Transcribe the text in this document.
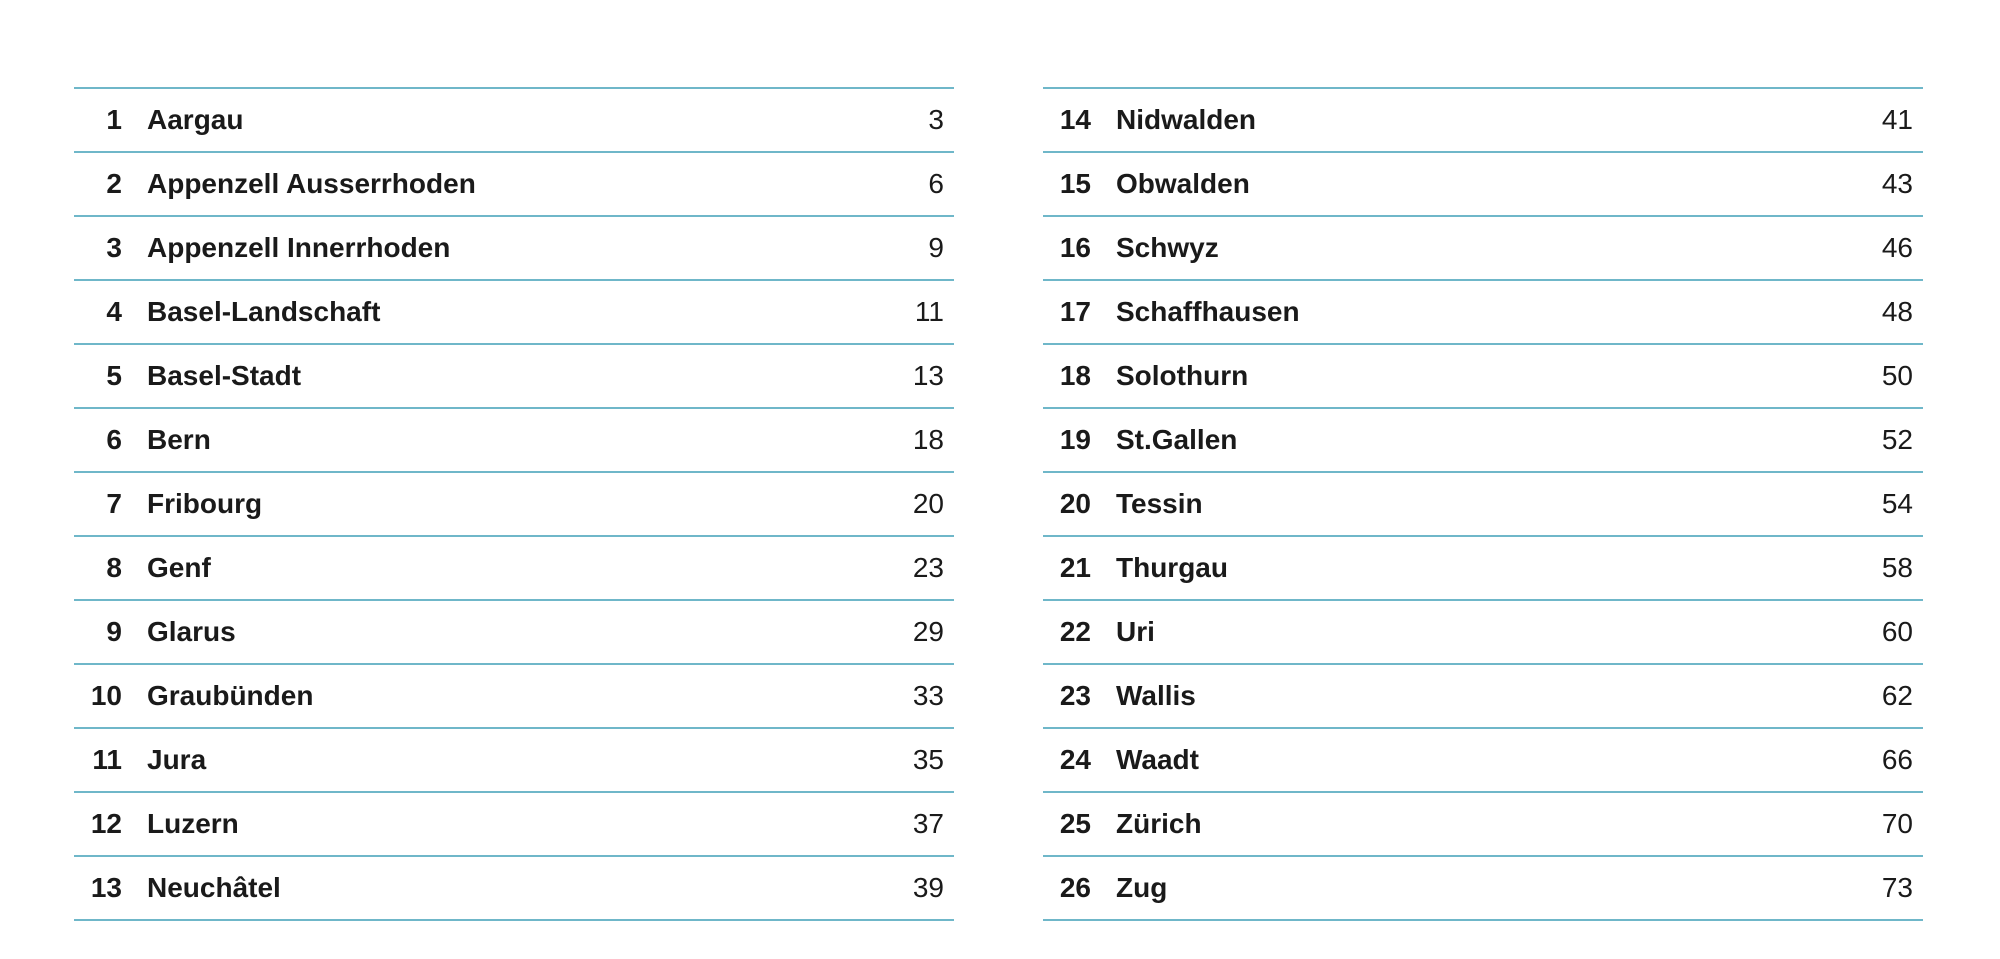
1 Aargau	3
2 Appenzell Ausserrhoden	6
3 Appenzell Innerrhoden	9
4 Basel-Landschaft	11
5 Basel-Stadt	13
6 Bern	18
7 Fribourg	20
8 Genf	23
9 Glarus	29
10 Graubünden	33
11 Jura	35
12 Luzern	37
13 Neuchâtel	39
14 Nidwalden	41
15 Obwalden	43
16 Schwyz	46
17 Schaffhausen	48
18 Solothurn	50
19 St.Gallen	52
20 Tessin	54
21 Thurgau	58
22 Uri	60
23 Wallis	62
24 Waadt	66
25 Zürich	70
26 Zug	73
